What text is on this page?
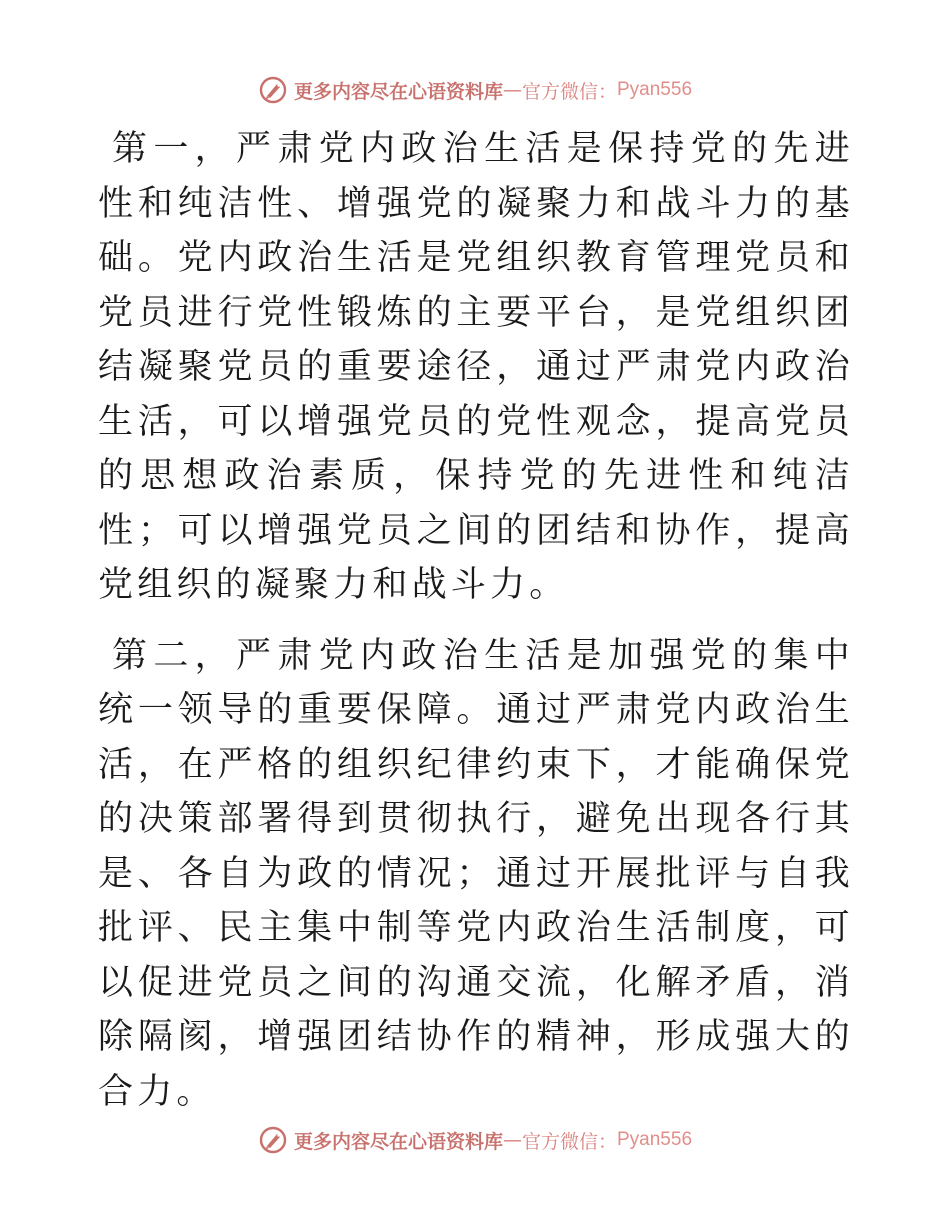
更多内容尽在心语资料库 — 官方微信： Pyan556

第一，严肃党内政治生活是保持党的先进性和纯洁性、增强党的凝聚力和战斗力的基础。党内政治生活是党组织教育管理党员和党员进行党性锻炼的主要平台，是党组织团结凝聚党员的重要途径，通过严肃党内政治生活，可以增强党员的党性观念，提高党员的思想政治素质，保持党的先进性和纯洁性；可以增强党员之间的团结和协作，提高党组织的凝聚力和战斗力。

第二，严肃党内政治生活是加强党的集中统一领导的重要保障。通过严肃党内政治生活，在严格的组织纪律约束下，才能确保党的决策部署得到贯彻执行，避免出现各行其是、各自为政的情况；通过开展批评与自我批评、民主集中制等党内政治生活制度，可以促进党员之间的沟通交流，化解矛盾，消除隔阂，增强团结协作的精神，形成强大的合力。

更多内容尽在心语资料库 — 官方微信： Pyan556
